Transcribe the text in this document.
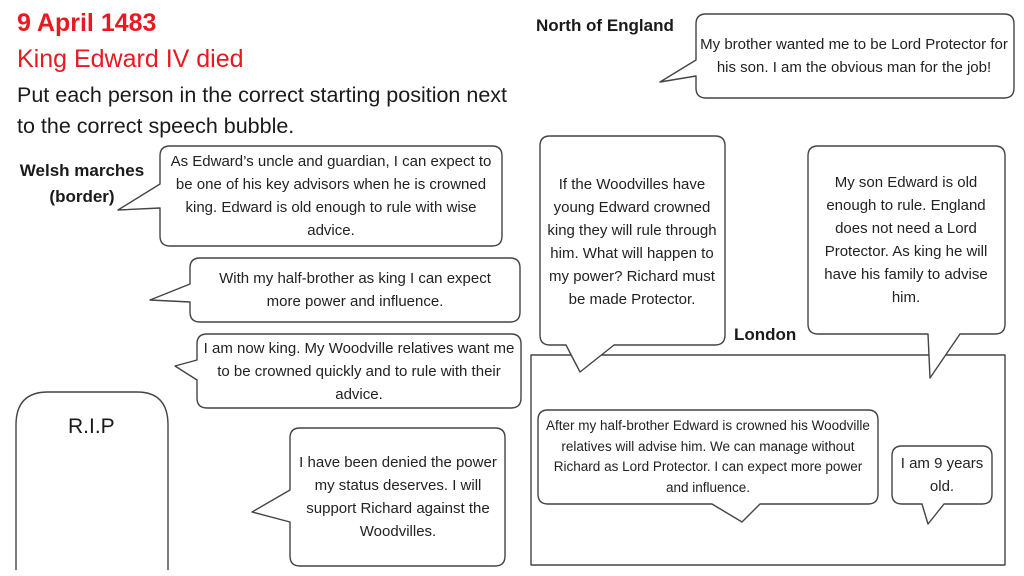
9 April 1483
King Edward IV died
Put each person in the correct starting position next to the correct speech bubble.
North of England
Welsh marches (border)
London
R.I.P
My brother wanted me to be Lord Protector for his son. I am the obvious man for the job!
As Edward’s uncle and guardian, I can expect to be one of his key advisors when he is crowned king. Edward is old enough to rule with wise advice.
With my half-brother as king I can expect more power and influence.
I am now king. My Woodville relatives want me to be crowned quickly and to rule with their advice.
I have been denied the power my status deserves. I will support Richard against the Woodvilles.
If the Woodvilles have young Edward crowned king they will rule through him. What will happen to my power? Richard must be made Protector.
My son Edward is old enough to rule. England does not need a Lord Protector. As king he will have his family to advise him.
After my half-brother Edward is crowned his Woodville relatives will advise him. We can manage without Richard as Lord Protector. I can expect more power and influence.
I am 9 years old.
